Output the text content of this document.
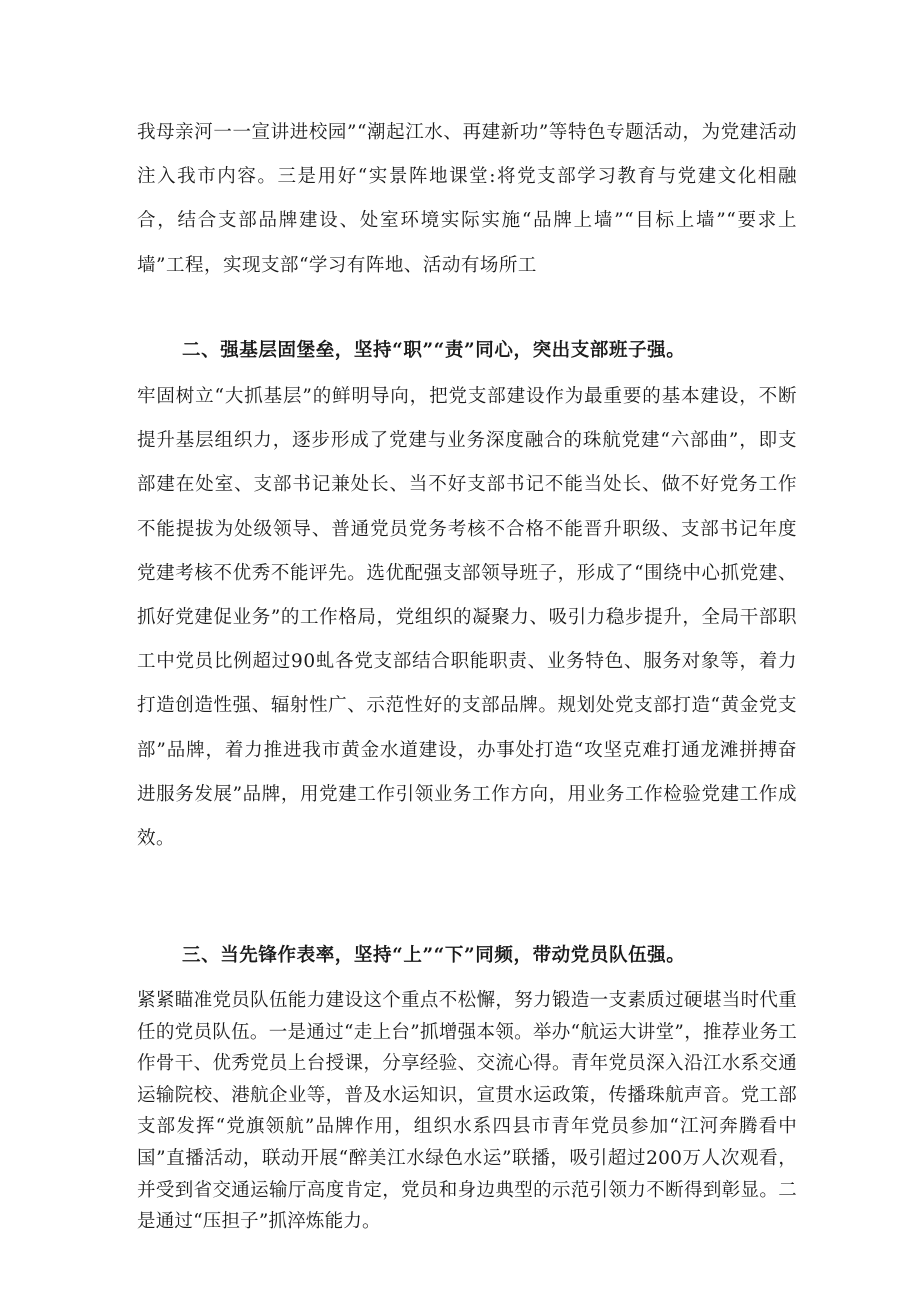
我母亲河一一宣讲进校园”“潮起江水、再建新功”等特色专题活动，为党建活动注入我市内容。三是用好“实景阵地课堂:将党支部学习教育与党建文化相融合，结合支部品牌建设、处室环境实际实施“品牌上墙”“目标上墙”“要求上墙”工程，实现支部“学习有阵地、活动有场所工

二、强基层固堡垒，坚持“职”“责”同心，突出支部班子强。

牢固树立“大抓基层”的鲜明导向，把党支部建设作为最重要的基本建设，不断提升基层组织力，逐步形成了党建与业务深度融合的珠航党建“六部曲”，即支部建在处室、支部书记兼处长、当不好支部书记不能当处长、做不好党务工作不能提拔为处级领导、普通党员党务考核不合格不能晋升职级、支部书记年度党建考核不优秀不能评先。选优配强支部领导班子，形成了“围绕中心抓党建、抓好党建促业务”的工作格局，党组织的凝聚力、吸引力稳步提升，全局干部职工中党员比例超过90虬各党支部结合职能职责、业务特色、服务对象等，着力打造创造性强、辐射性广、示范性好的支部品牌。规划处党支部打造“黄金党支部”品牌，着力推进我市黄金水道建设，办事处打造“攻坚克难打通龙滩拼搏奋进服务发展”品牌，用党建工作引领业务工作方向，用业务工作检验党建工作成效。

三、当先锋作表率，坚持“上”“下”同频，带动党员队伍强。

紧紧瞄准党员队伍能力建设这个重点不松懈，努力锻造一支素质过硬堪当时代重任的党员队伍。一是通过“走上台”抓增强本领。举办“航运大讲堂”，推荐业务工作骨干、优秀党员上台授课，分享经验、交流心得。青年党员深入沿江水系交通运输院校、港航企业等，普及水运知识，宣贯水运政策，传播珠航声音。党工部支部发挥“党旗领航”品牌作用，组织水系四县市青年党员参加“江河奔腾看中国”直播活动，联动开展“醉美江水绿色水运”联播，吸引超过200万人次观看，并受到省交通运输厅高度肯定，党员和身边典型的示范引领力不断得到彰显。二是通过“压担子”抓淬炼能力。
